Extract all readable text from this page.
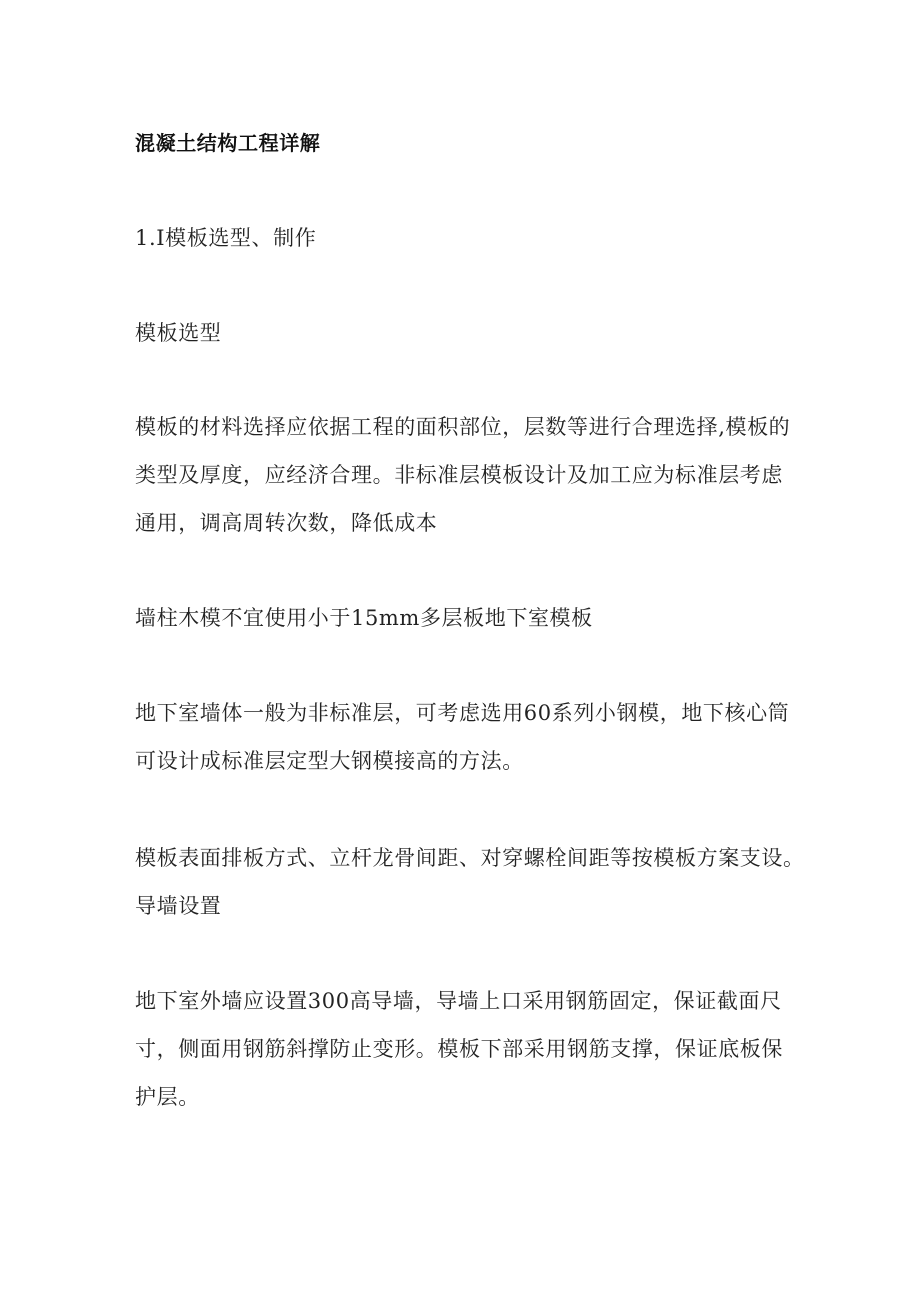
混凝土结构工程详解

1.Ⅰ模板选型、制作

模板选型

模板的材料选择应依据工程的面积部位，层数等进行合理选择,模板的

类型及厚度，应经济合理。非标准层模板设计及加工应为标准层考虑

通用，调高周转次数，降低成本

墙柱木模不宜使用小于15mm多层板地下室模板

地下室墙体一般为非标准层，可考虑选用60系列小钢模，地下核心筒

可设计成标准层定型大钢模接高的方法。

模板表面排板方式、立杆龙骨间距、对穿螺栓间距等按模板方案支设。

导墙设置

地下室外墙应设置300高导墙，导墙上口采用钢筋固定，保证截面尺

寸，侧面用钢筋斜撑防止变形。模板下部采用钢筋支撑，保证底板保

护层。
